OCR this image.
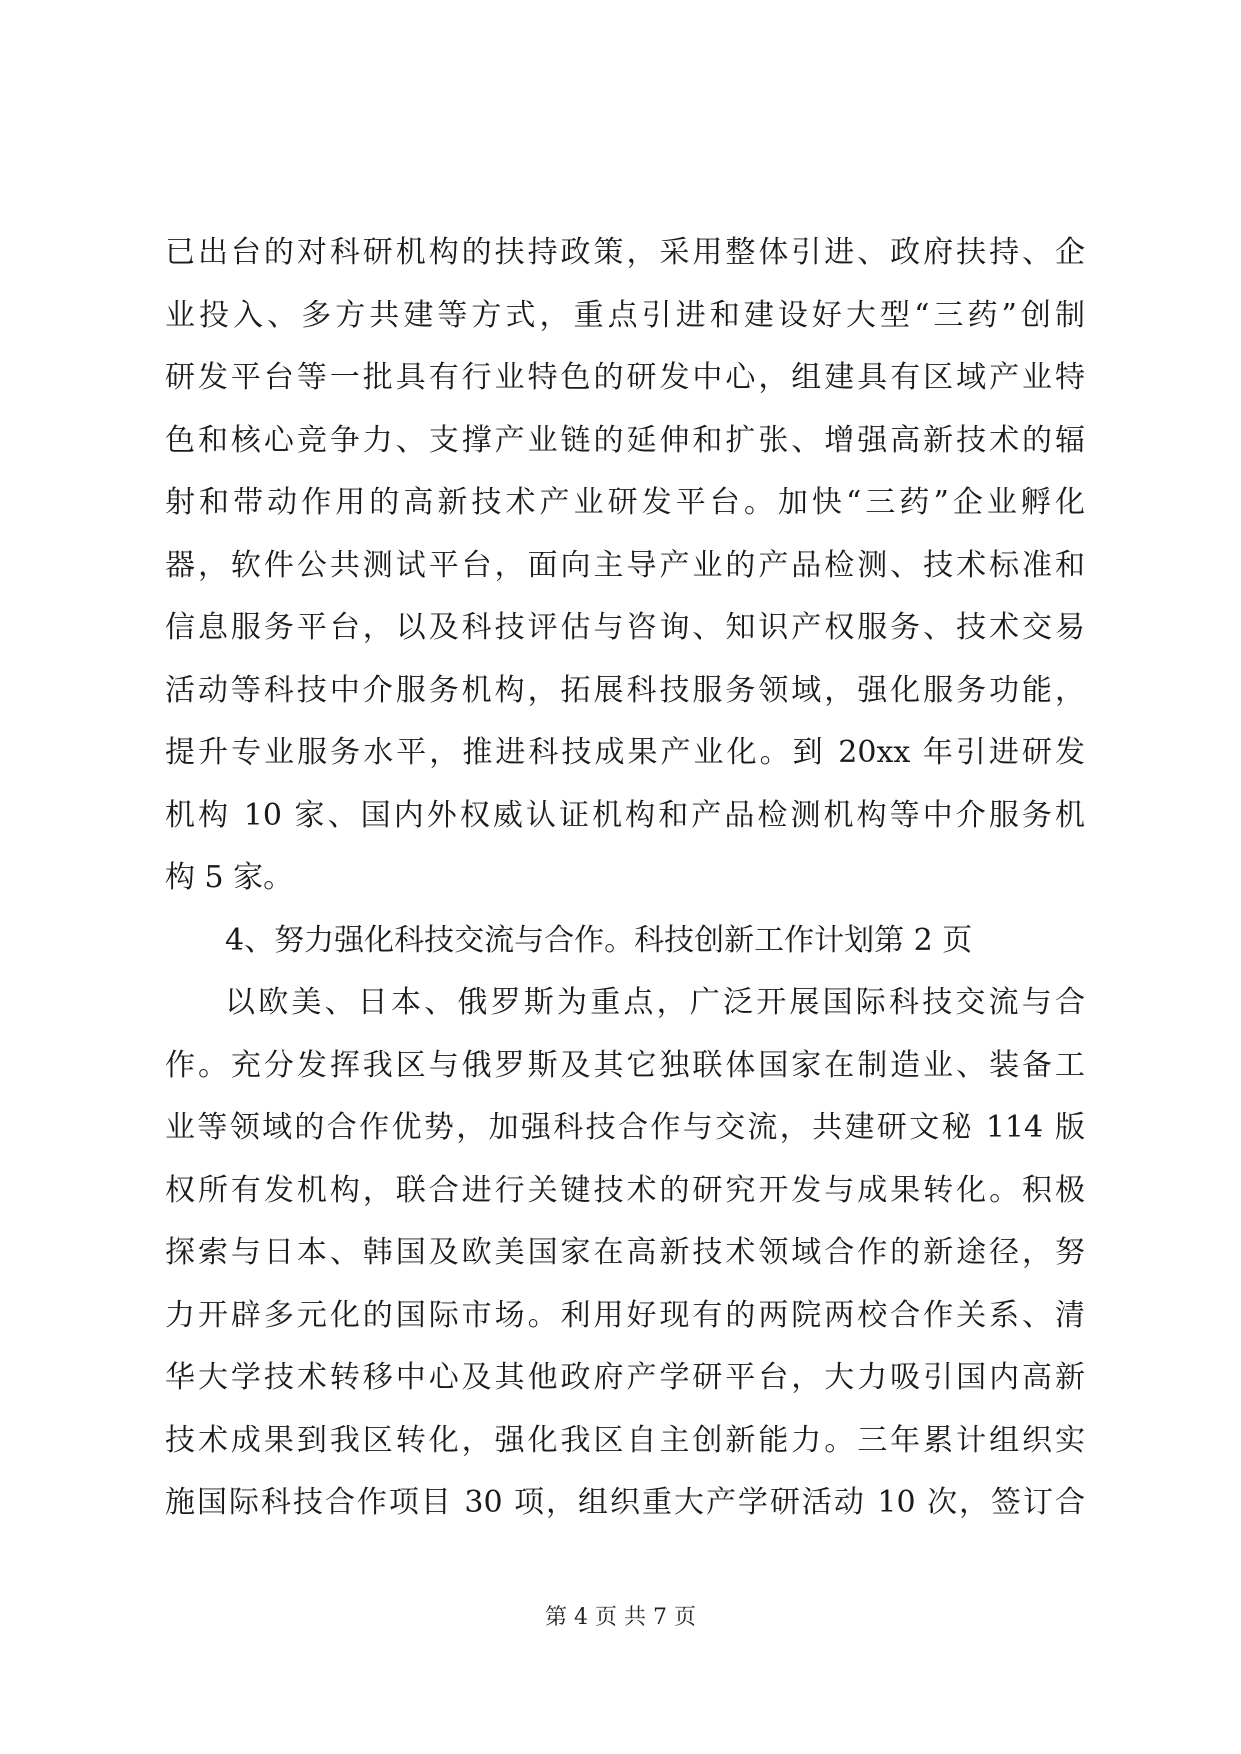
已出台的对科研机构的扶持政策，采用整体引进、政府扶持、企
业投入、多方共建等方式，重点引进和建设好大型“三药”创制
研发平台等一批具有行业特色的研发中心，组建具有区域产业特
色和核心竞争力、支撑产业链的延伸和扩张、增强高新技术的辐
射和带动作用的高新技术产业研发平台。加快“三药”企业孵化
器，软件公共测试平台，面向主导产业的产品检测、技术标准和
信息服务平台，以及科技评估与咨询、知识产权服务、技术交易
活动等科技中介服务机构，拓展科技服务领域，强化服务功能，
提升专业服务水平，推进科技成果产业化。到 20xx 年引进研发
机构 10 家、国内外权威认证机构和产品检测机构等中介服务机
构 5 家。
4、努力强化科技交流与合作。科技创新工作计划第 2 页
以欧美、日本、俄罗斯为重点，广泛开展国际科技交流与合
作。充分发挥我区与俄罗斯及其它独联体国家在制造业、装备工
业等领域的合作优势，加强科技合作与交流，共建研文秘 114 版
权所有发机构，联合进行关键技术的研究开发与成果转化。积极
探索与日本、韩国及欧美国家在高新技术领域合作的新途径，努
力开辟多元化的国际市场。利用好现有的两院两校合作关系、清
华大学技术转移中心及其他政府产学研平台，大力吸引国内高新
技术成果到我区转化，强化我区自主创新能力。三年累计组织实
施国际科技合作项目 30 项，组织重大产学研活动 10 次，签订合
第 4 页 共 7 页
